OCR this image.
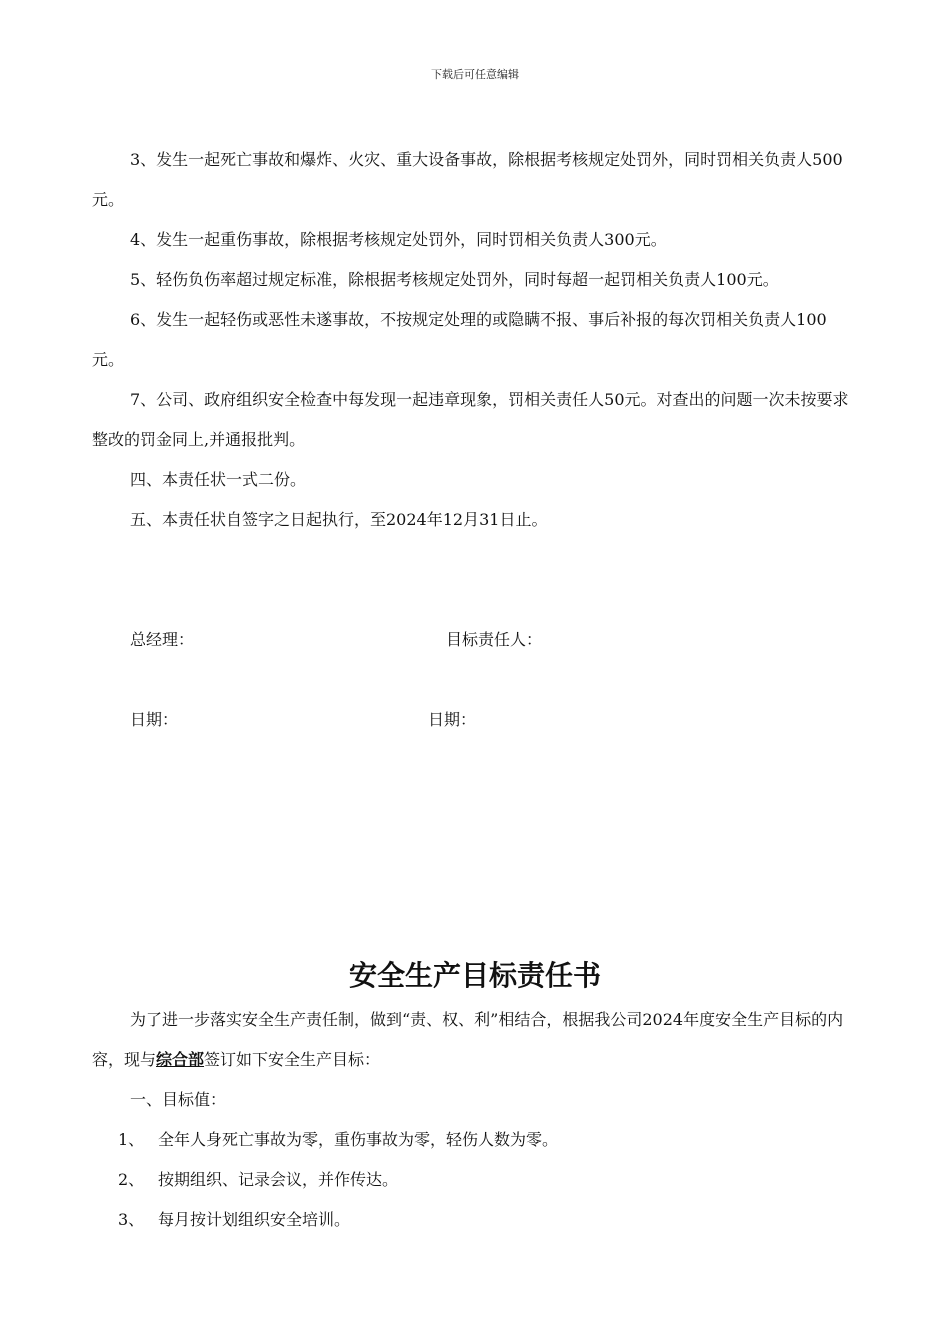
下载后可任意编辑

3、发生一起死亡事故和爆炸、火灾、重大设备事故，除根据考核规定处罚外，同时罚相关负责人500元。

4、发生一起重伤事故，除根据考核规定处罚外，同时罚相关负责人300元。

5、轻伤负伤率超过规定标准，除根据考核规定处罚外，同时每超一起罚相关负责人100元。

6、发生一起轻伤或恶性未遂事故，不按规定处理的或隐瞒不报、事后补报的每次罚相关负责人100元。

7、公司、政府组织安全检查中每发现一起违章现象，罚相关责任人50元。对查出的问题一次未按要求整改的罚金同上,并通报批判。

四、本责任状一式二份。

五、本责任状自签字之日起执行，至2024年12月31日止。

总经理：	目标责任人：
日期：	日期：
安全生产目标责任书

为了进一步落实安全生产责任制，做到“责、权、利”相结合，根据我公司2024年度安全生产目标的内容，现与综合部签订如下安全生产目标：

一、目标值：

1、 全年人身死亡事故为零，重伤事故为零，轻伤人数为零。
2、 按期组织、记录会议，并作传达。
3、 每月按计划组织安全培训。
